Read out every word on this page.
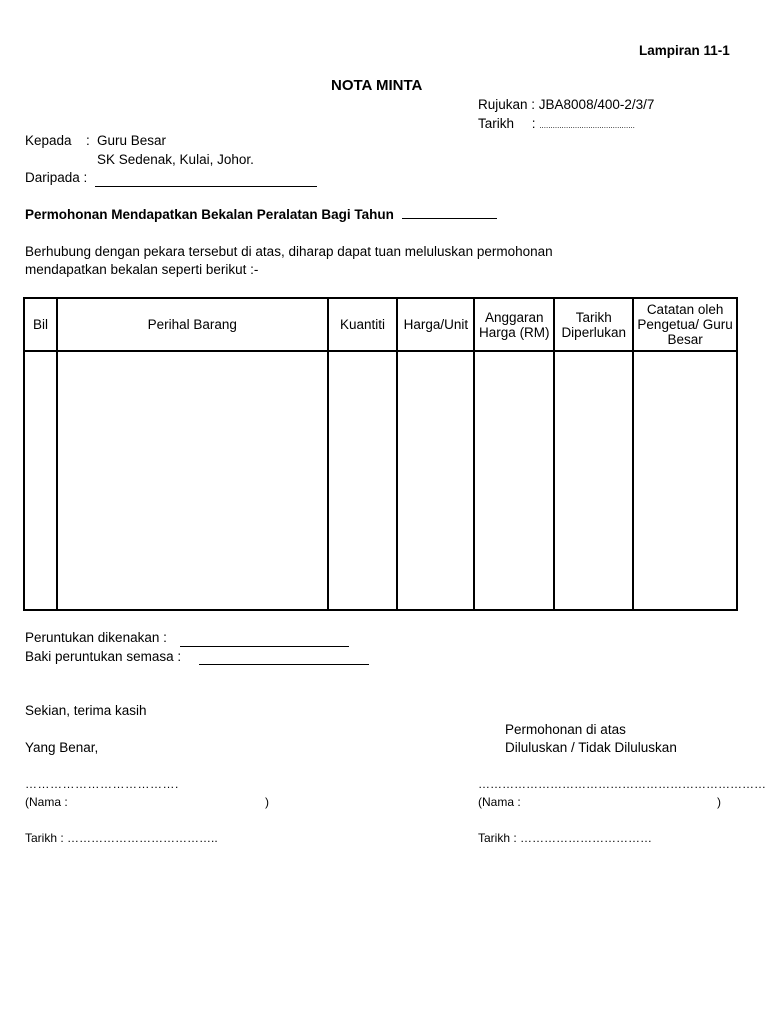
Lampiran 11-1
NOTA MINTA
Rujukan : JBA8008/400-2/3/7
Tarikh : ...........................................
Kepada : Guru Besar
SK Sedenak, Kulai, Johor.
Daripada :
Permohonan Mendapatkan Bekalan Peralatan Bagi Tahun
Berhubung dengan pekara tersebut di atas, diharap dapat tuan meluluskan permohonan
mendapatkan bekalan seperti berikut :-
Bil	Perihal Barang	Kuantiti	Harga/Unit	Anggaran Harga (RM)	Tarikh Diperlukan	Catatan oleh Pengetua/ Guru Besar

Peruntukan dikenakan :
Baki peruntukan semasa :
Sekian, terima kasih
Yang Benar,
Permohonan di atas
Diluluskan / Tidak Diluluskan
……………………………….
(Nama :	)
Tarikh : ………………………………..
………………………………………………………………
(Nama :	)
Tarikh : ……………………………
